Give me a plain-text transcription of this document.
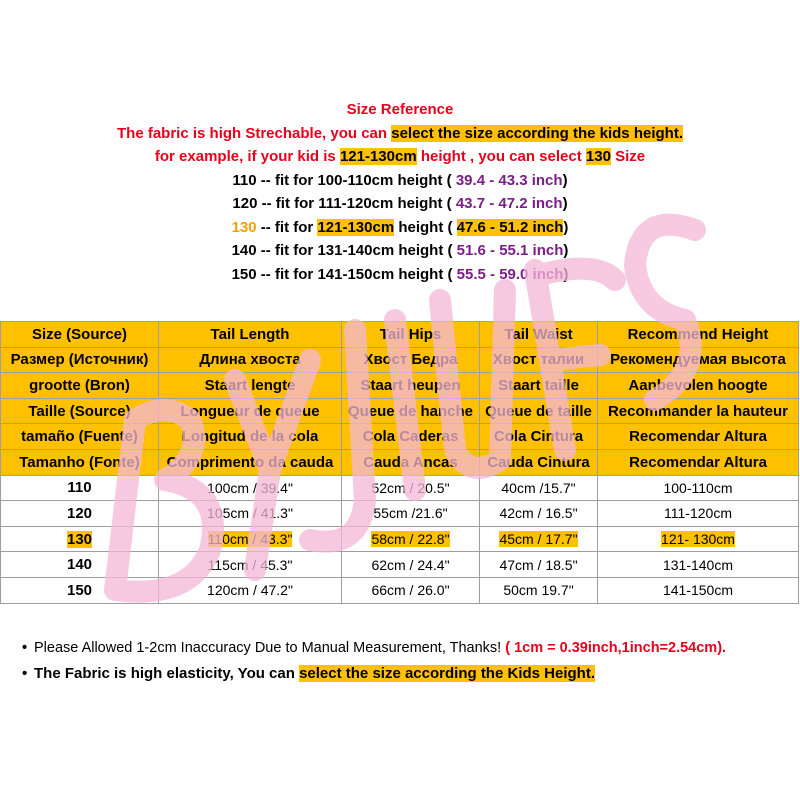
Size Reference
The fabric is high Strechable, you can select the size according the kids height.
for example, if your kid is 121-130cm height , you can select 130 Size
110 -- fit for 100-110cm height ( 39.4 - 43.3 inch)
120 -- fit for 111-120cm height ( 43.7 - 47.2 inch)
130 -- fit for 121-130cm height ( 47.6 - 51.2 inch)
140 -- fit for 131-140cm height ( 51.6 - 55.1 inch)
150 -- fit for 141-150cm height ( 55.5 - 59.0 inch)
Size (Source)	Tail Length	Tail Hips	Tail Waist	Recommend Height
Размер (Источник)	Длина хвоста	Хвост Бедра	Хвост талии	Рекомендуемая высота
grootte (Bron)	Staart lengte	Staart heupen	Staart taille	Aanbevolen hoogte
Taille (Source)	Longueur de queue	Queue de hanche	Queue de taille	Recommander la hauteur
tamaño (Fuente)	Longitud de la cola	Cola Caderas	Cola Cintura	Recomendar Altura
Tamanho (Fonte)	Comprimento da cauda	Cauda Ancas	Cauda Cintura	Recomendar Altura
110	100cm / 39.4"	52cm / 20.5"	40cm /15.7"	100-110cm
120	105cm / 41.3"	55cm /21.6"	42cm / 16.5"	111-120cm
130	110cm / 43.3"	58cm / 22.8"	45cm / 17.7"	121- 130cm
140	115cm / 45.3"	62cm / 24.4"	47cm / 18.5"	131-140cm
150	120cm / 47.2"	66cm / 26.0"	50cm 19.7"	141-150cm
• Please Allowed 1-2cm Inaccuracy Due to Manual Measurement, Thanks! ( 1cm = 0.39inch,1inch=2.54cm).
• The Fabric is high elasticity, You can select the size according the Kids Height.
